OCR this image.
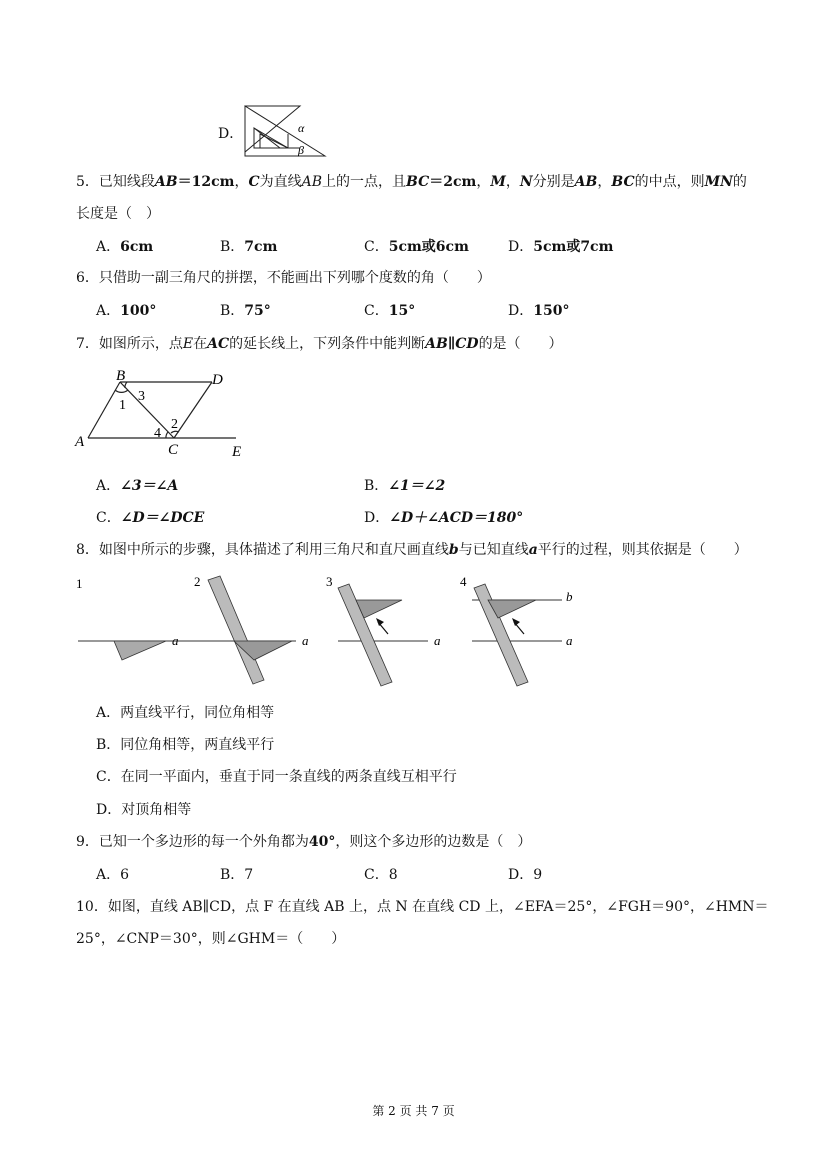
D．	α
β
5．已知线段AB＝12cm，C为直线AB上的一点，且BC＝2cm，M，N分别是AB，BC的中点，则MN的
长度是（　）
A．6cm	B．7cm	C．5cm或6cm	D．5cm或7cm
6．只借助一副三角尺的拼摆，不能画出下列哪个度数的角（　　）
A．100°	B．75°	C．15°	D．150°
7．如图所示，点E在AC的延长线上，下列条件中能判断AB∥CD的是（　　）
B	D
A	C	E
1
3
4
2
A．∠3＝∠A	B．∠1＝∠2
C．∠D＝∠DCE	D．∠D＋∠ACD＝180°
8．如图中所示的步骤，具体描述了利用三角尺和直尺画直线b与已知直线a平行的过程，则其依据是（　　）
1
a
2
a
3
a
4
a
b
A．两直线平行，同位角相等
B．同位角相等，两直线平行
C．在同一平面内，垂直于同一条直线的两条直线互相平行
D．对顶角相等
9．已知一个多边形的每一个外角都为40°，则这个多边形的边数是（　）
A．6	B．7	C．8	D．9
10．如图，直线 AB∥CD，点 F 在直线 AB 上，点 N 在直线 CD 上，∠EFA＝25°，∠FGH＝90°，∠HMN＝
25°，∠CNP＝30°，则∠GHM＝（　　）
第 2 页 共 7 页
